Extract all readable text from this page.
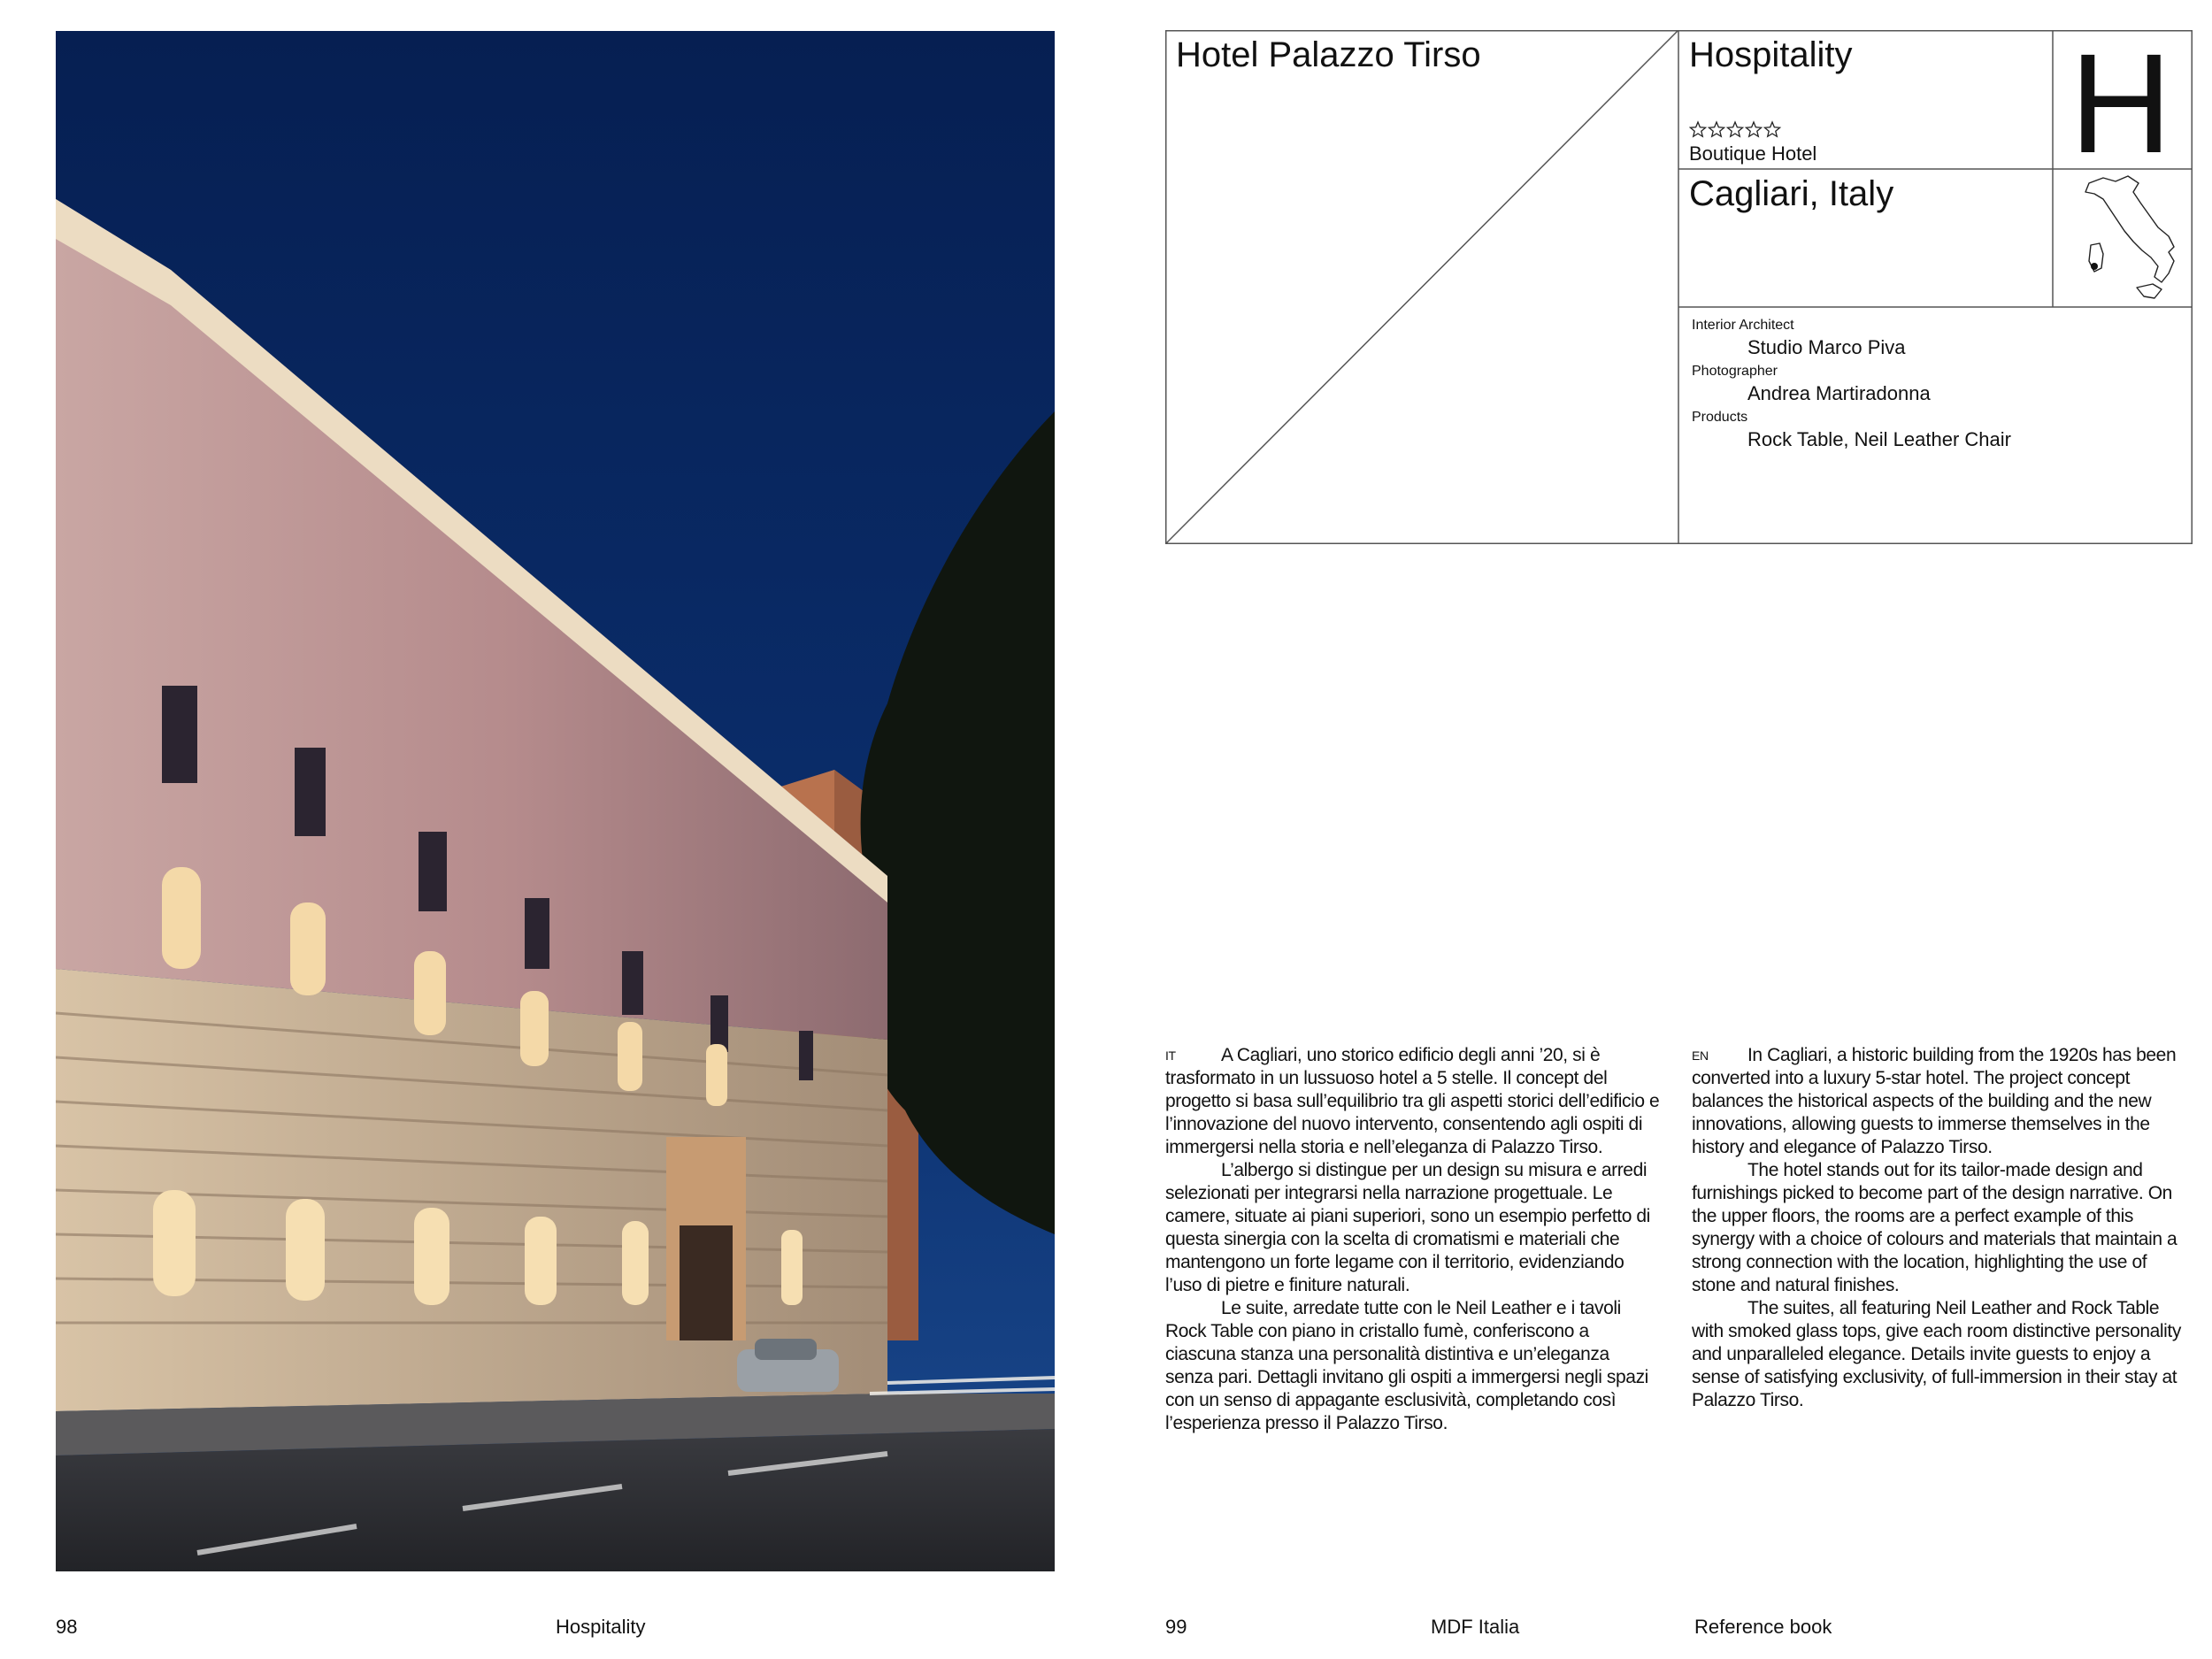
Hotel Palazzo Tirso	Hospitality
Boutique Hotel H
Cagliari, Italy
Interior Architect
Studio Marco Piva
Photographer
Andrea Martiradonna
Products
Rock Table, Neil Leather Chair

IT A Cagliari, uno storico edificio degli anni ’20, si è trasformato in un lussuoso hotel a 5 stelle. Il concept del progetto si basa sull’equilibrio tra gli aspetti storici dell’edificio e l’innovazione del nuovo intervento, consentendo agli ospiti di immergersi nella storia e nell’eleganza di Palazzo Tirso.

L’albergo si distingue per un design su misura e arredi selezionati per integrarsi nella narrazione progettuale. Le camere, situate ai piani superiori, sono un esempio perfetto di questa sinergia con la scelta di cromatismi e materiali che mantengono un forte legame con il territorio, evidenziando l’uso di pietre e finiture naturali.

Le suite, arredate tutte con le Neil Leather e i tavoli Rock Table con piano in cristallo fumè, conferiscono a ciascuna stanza una personalità distintiva e un’eleganza senza pari. Dettagli invitano gli ospiti a immergersi negli spazi con un senso di appagante esclusività, completando così l’esperienza presso il Palazzo Tirso.

EN In Cagliari, a historic building from the 1920s has been converted into a luxury 5-star hotel. The project concept balances the historical aspects of the building and the new innovations, allowing guests to immerse themselves in the history and elegance of Palazzo Tirso.

The hotel stands out for its tailor-made design and furnishings picked to become part of the design narrative. On the upper floors, the rooms are a perfect example of this synergy with a choice of colours and materials that maintain a strong connection with the location, highlighting the use of stone and natural finishes.

The suites, all featuring Neil Leather and Rock Table with smoked glass tops, give each room distinctive personality and unparalleled elegance. Details invite guests to enjoy a sense of satisfying exclusivity, of full-immersion in their stay at Palazzo Tirso.

98	Hospitality	99	MDF Italia	Reference book
